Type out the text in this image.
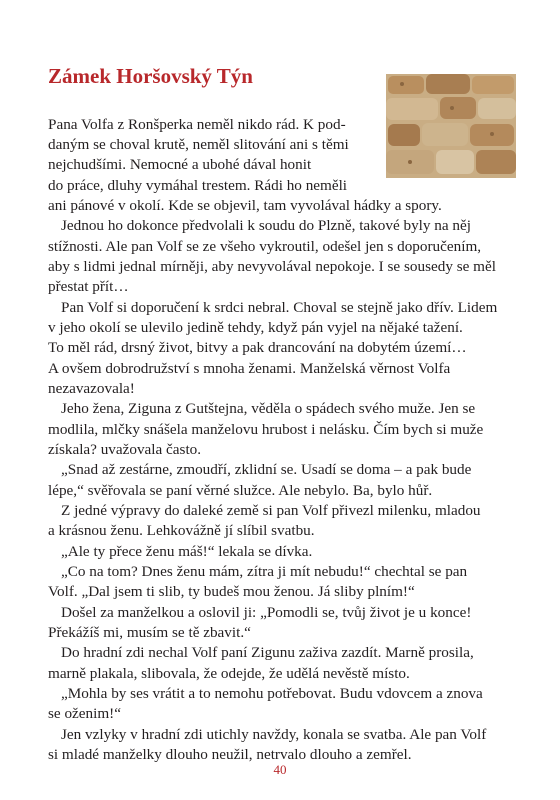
Zámek Horšovský Týn

Pana Volfa z Ronšperka neměl nikdo rád. K pod-

daným se choval krutě, neměl slitování ani s těmi

nejchudšími. Nemocné a ubohé dával honit

do práce, dluhy vymáhal trestem. Rádi ho neměli

ani pánové v okolí. Kde se objevil, tam vyvolával hádky a spory.

Jednou ho dokonce předvolali k soudu do Plzně, takové byly na něj

stížnosti. Ale pan Volf se ze všeho vykroutil, odešel jen s doporučením,

aby s lidmi jednal mírněji, aby nevyvolával nepokoje. I se sousedy se měl

přestat přít…

Pan Volf si doporučení k srdci nebral. Choval se stejně jako dřív. Lidem

v jeho okolí se ulevilo jedině tehdy, když pán vyjel na nějaké tažení.

To měl rád, drsný život, bitvy a pak drancování na dobytém území…

A ovšem dobrodružství s mnoha ženami. Manželská věrnost Volfa

nezavazovala!

Jeho žena, Ziguna z Gutštejna, věděla o spádech svého muže. Jen se

modlila, mlčky snášela manželovu hrubost i nelásku. Čím bych si muže

získala? uvažovala často.

„Snad až zestárne, zmoudří, zklidní se. Usadí se doma – a pak bude

lépe,“ svěřovala se paní věrné služce. Ale nebylo. Ba, bylo hůř.

Z jedné výpravy do daleké země si pan Volf přivezl milenku, mladou

a krásnou ženu. Lehkovážně jí slíbil svatbu.

„Ale ty přece ženu máš!“ lekala se dívka.

„Co na tom? Dnes ženu mám, zítra ji mít nebudu!“ chechtal se pan

Volf. „Dal jsem ti slib, ty budeš mou ženou. Já sliby plním!“

Došel za manželkou a oslovil ji: „Pomodli se, tvůj život je u konce!

Překážíš mi, musím se tě zbavit.“

Do hradní zdi nechal Volf paní Zigunu zaživa zazdít. Marně prosila,

marně plakala, slibovala, že odejde, že udělá nevěstě místo.

„Mohla by ses vrátit a to nemohu potřebovat. Budu vdovcem a znova

se oženim!“

Jen vzlyky v hradní zdi utichly navždy, konala se svatba. Ale pan Volf

si mladé manželky dlouho neužil, netrvalo dlouho a zemřel.

40
